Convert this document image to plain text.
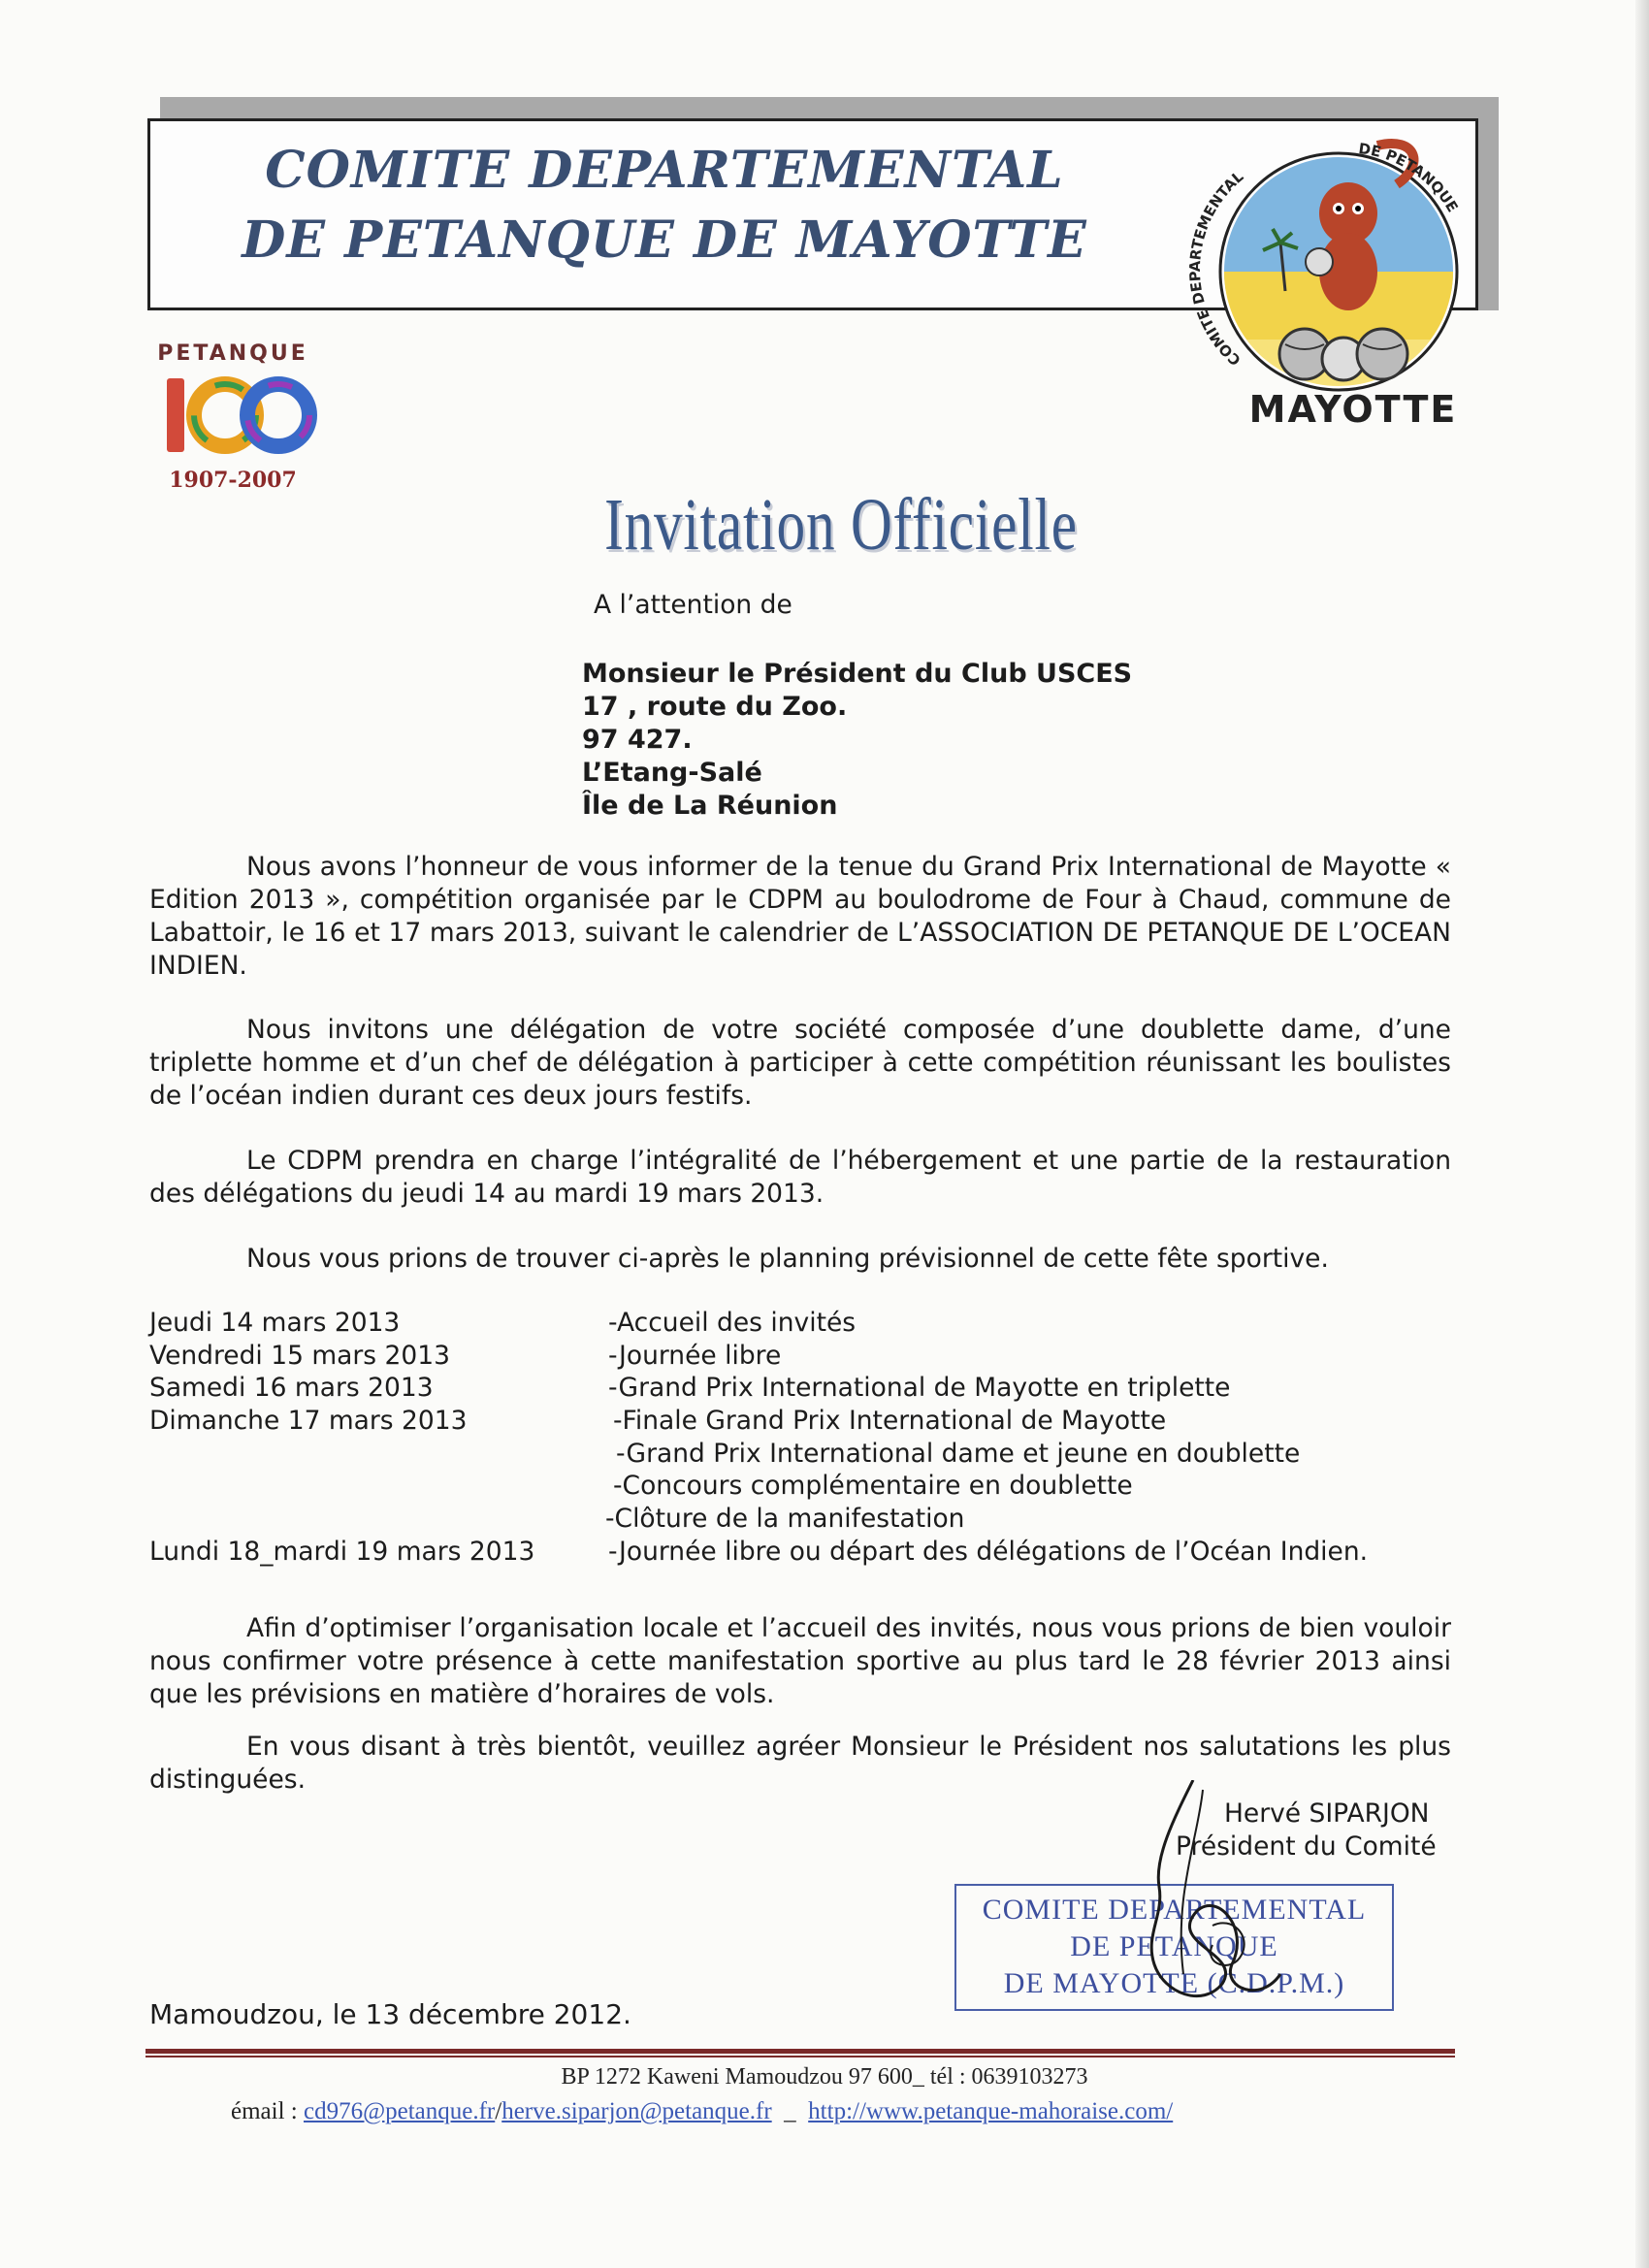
COMITE DEPARTEMENTAL
DE PETANQUE DE MAYOTTE
COMITE DEPARTEMENTAL
DE PETANQUE
MAYOTTE
PETANQUE
1907-2007
Invitation Officielle
A l’attention de
Monsieur le Président du Club USCES
17 , route du Zoo.
97 427.
L’Etang-Salé
Île de La Réunion

Nous avons l’honneur de vous informer de la tenue du Grand Prix International de Mayotte « Edition 2013 », compétition organisée par le CDPM au boulodrome de Four à Chaud, commune de Labattoir, le 16 et 17 mars 2013, suivant le calendrier de L’ASSOCIATION DE PETANQUE DE L’OCEAN INDIEN.

Nous invitons une délégation de votre société composée d’une doublette dame, d’une triplette homme et d’un chef de délégation à participer à cette compétition réunissant les boulistes de l’océan indien durant ces deux jours festifs.

Le CDPM prendra en charge l’intégralité de l’hébergement et une partie de la restauration des délégations du jeudi 14 au mardi 19 mars 2013.

Nous vous prions de trouver ci-après le planning prévisionnel de cette fête sportive.

Jeudi 14 mars 2013
Vendredi 15 mars 2013
Samedi 16 mars 2013
Dimanche 17 mars 2013
Lundi 18_mardi 19 mars 2013
-Accueil des invités
-Journée libre
-Grand Prix International de Mayotte en triplette
-Finale Grand Prix International de Mayotte
-Grand Prix International dame et jeune en doublette
-Concours complémentaire en doublette
-Clôture de la manifestation
-Journée libre ou départ des délégations de l’Océan Indien.

Afin d’optimiser l’organisation locale et l’accueil des invités, nous vous prions de bien vouloir nous confirmer votre présence à cette manifestation sportive au plus tard le 28 février 2013 ainsi que les prévisions en matière d’horaires de vols.

En vous disant à très bientôt, veuillez agréer Monsieur le Président nos salutations les plus distinguées.

Hervé SIPARJON
Président du Comité
COMITE DEPARTEMENTAL
DE PETANQUE
DE MAYOTTE (C.D.P.M.)
Mamoudzou, le 13 décembre 2012.
BP 1272 Kaweni Mamoudzou 97 600_ tél : 0639103273
émail : cd976@petanque.fr/herve.siparjon@petanque.fr  _  http://www.petanque-mahoraise.com/
